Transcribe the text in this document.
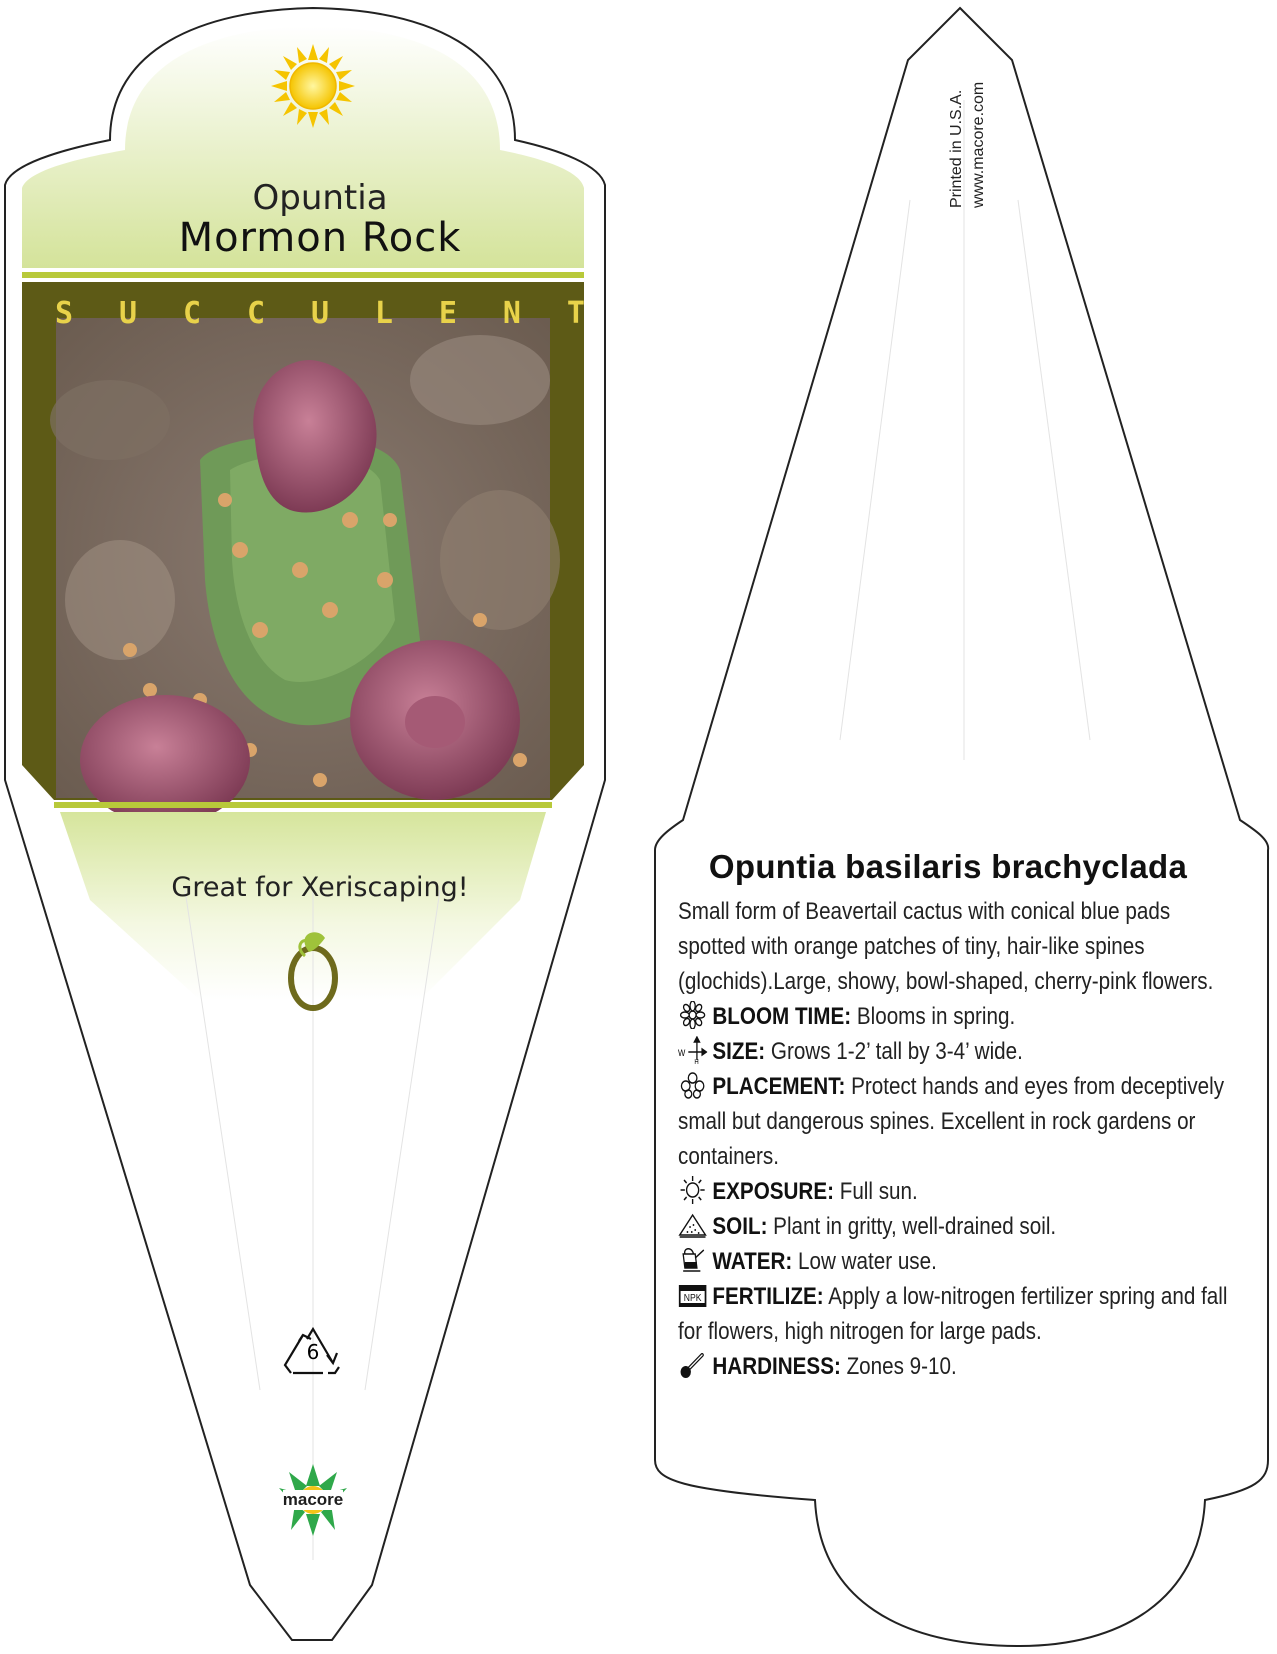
Opuntia
Mormon Rock
S U C C U L E N T
Great for Xeriscaping!
6
macore
Printed in U.S.A. www.macore.com
Opuntia basilaris brachyclada

Small form of Beavertail cactus with conical blue pads spotted with orange patches of tiny, hair-like spines (glochids).Large, showy, bowl-shaped, cherry-pink flowers.

BLOOM TIME: Blooms in spring.
W
H SIZE: Grows 1-2’ tall by 3-4’ wide.
PLACEMENT: Protect hands and eyes from deceptively small but dangerous spines. Excellent in rock gardens or containers.
EXPOSURE: Full sun.
SOIL: Plant in gritty, well-drained soil.
WATER: Low water use.
NPK FERTILIZE: Apply a low-nitrogen fertilizer spring and fall for flowers, high nitrogen for large pads.
HARDINESS: Zones 9-10.
